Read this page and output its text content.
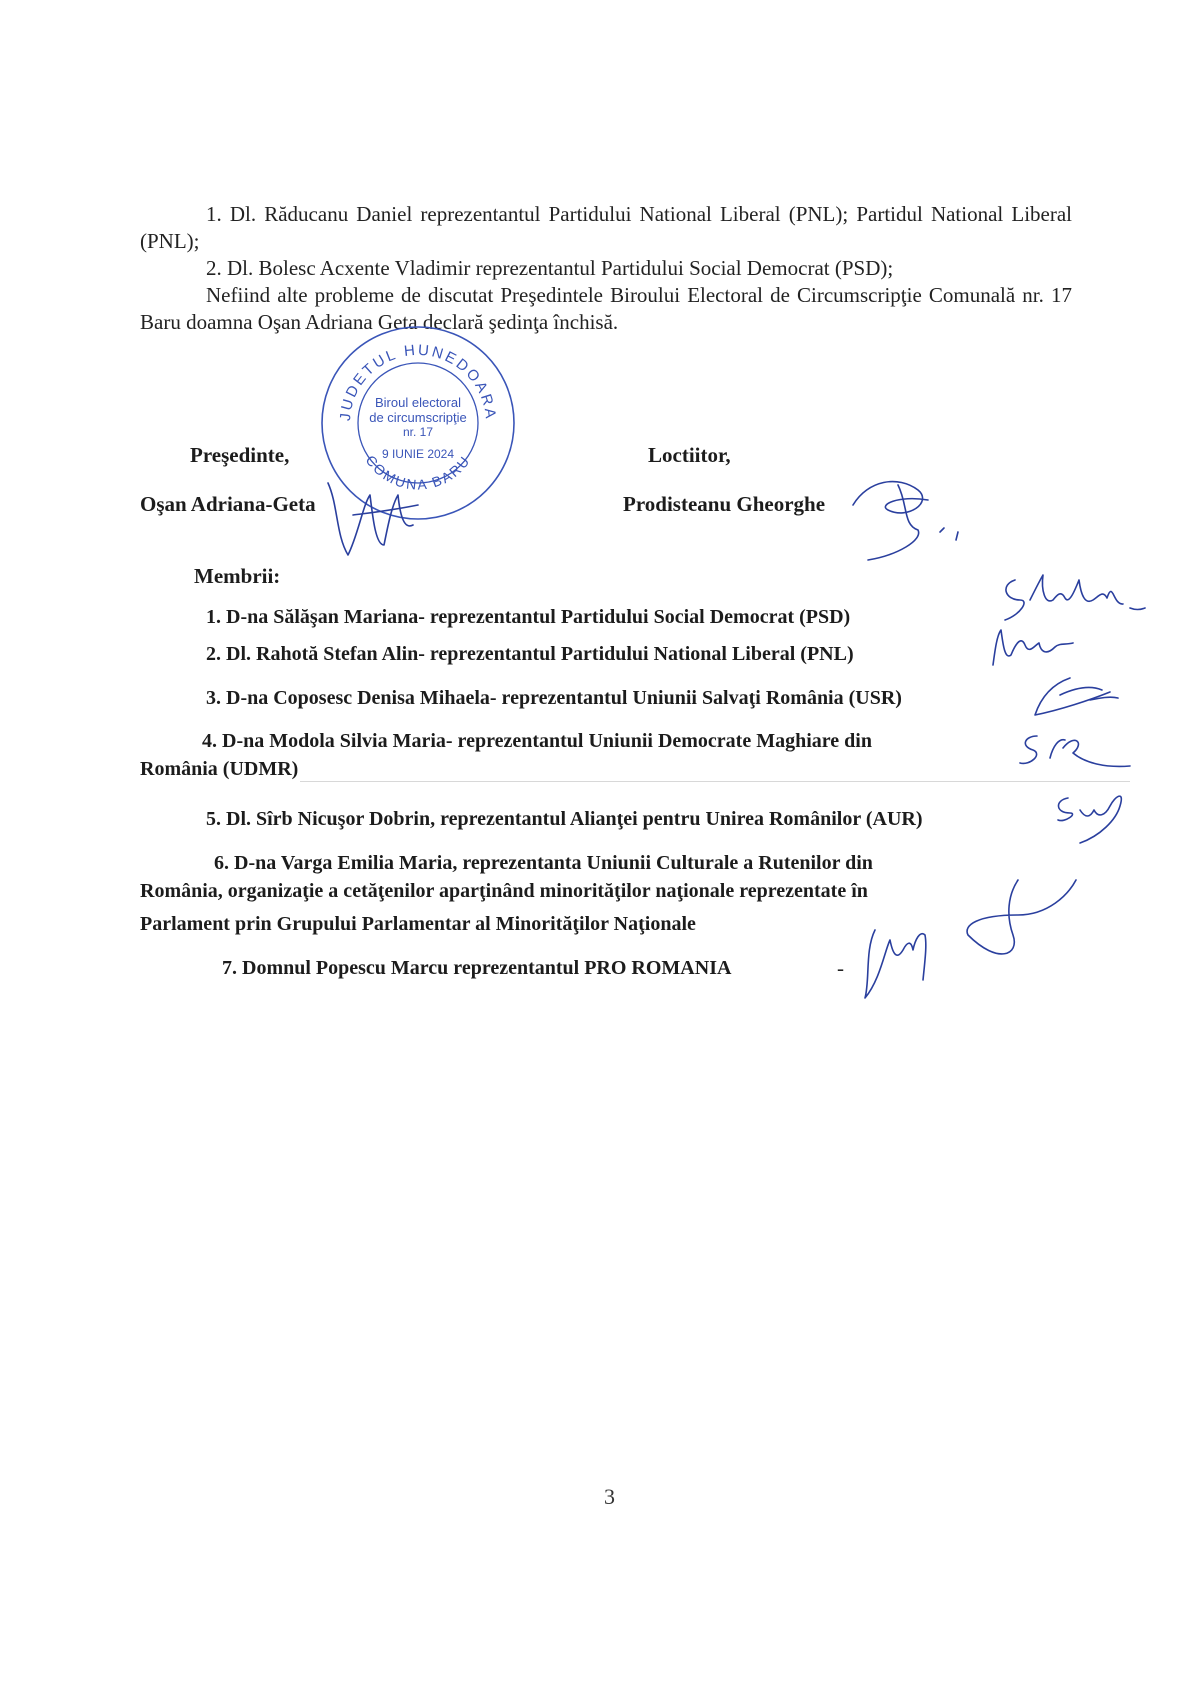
1. Dl. Răducanu Daniel reprezentantul Partidului National Liberal (PNL); Partidul National Liberal (PNL);

2. Dl. Bolesc Acxente Vladimir reprezentantul Partidului Social Democrat (PSD);

Nefiind alte probleme de discutat Preşedintele Biroului Electoral de Circumscripţie Comunală nr. 17 Baru doamna Oşan Adriana Geta declară şedinţa închisă.

JUDETUL HUNEDOARA
COMUNA BARU
Biroul electoral
de circumscripţie
nr. 17
9 IUNIE 2024

Preşedinte,

Oşan Adriana-Geta

Loctiitor,

Prodisteanu Gheorghe

Membrii:

1. D-na Sălăşan Mariana- reprezentantul Partidului Social Democrat (PSD)

2. Dl. Rahotă Stefan Alin- reprezentantul Partidului National Liberal (PNL)

3. D-na Coposesc Denisa Mihaela- reprezentantul Uniunii Salvaţi România (USR)

4. D-na Modola Silvia Maria- reprezentantul Uniunii Democrate Maghiare din

România (UDMR)

5. Dl. Sîrb Nicuşor Dobrin, reprezentantul Alianţei pentru Unirea Românilor (AUR)

6. D-na Varga Emilia Maria, reprezentanta Uniunii Culturale a Rutenilor din

România, organizaţie a cetăţenilor aparţinând minorităţilor naţionale reprezentate în

Parlament prin Grupului Parlamentar al Minorităţilor Naţionale

7. Domnul Popescu Marcu reprezentantul PRO ROMANIA	-

3
